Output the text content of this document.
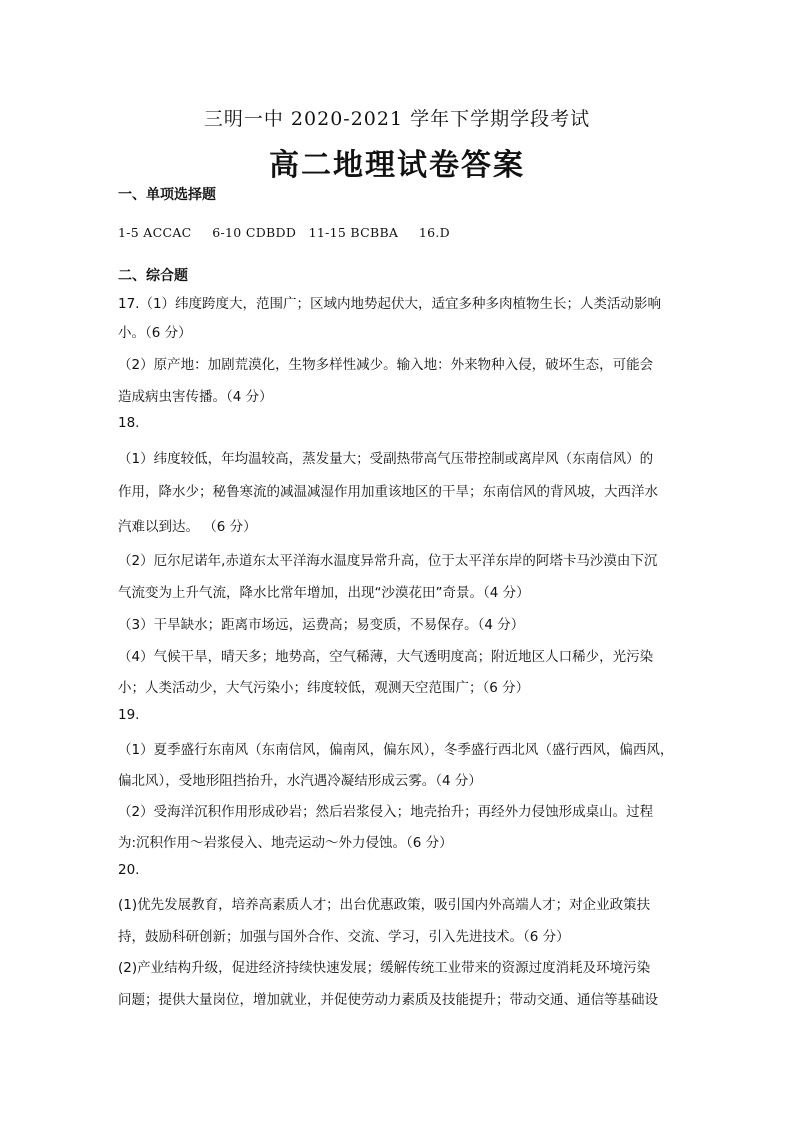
三明一中 2020-2021 学年下学期学段考试
高二地理试卷答案
一、单项选择题
1-5 ACCAC 6-10 CDBDD 11-15 BCBBA 16.D
二、综合题
17.（1）纬度跨度大，范围广；区域内地势起伏大，适宜多种多肉植物生长；人类活动影响
小。（6 分）
（2）原产地：加剧荒漠化，生物多样性减少。输入地：外来物种入侵，破坏生态，可能会
造成病虫害传播。（4 分）
18.
（1）纬度较低，年均温较高，蒸发量大；受副热带高气压带控制或离岸风（东南信风）的
作用，降水少；秘鲁寒流的减温减湿作用加重该地区的干旱；东南信风的背风坡，大西洋水
汽难以到达。 （6 分）
（2）厄尔尼诺年,赤道东太平洋海水温度异常升高，位于太平洋东岸的阿塔卡马沙漠由下沉
气流变为上升气流，降水比常年增加，出现“沙漠花田”奇景。（4 分）
（3）干旱缺水；距离市场远，运费高；易变质，不易保存。（4 分）
（4）气候干旱，晴天多；地势高，空气稀薄，大气透明度高；附近地区人口稀少，光污染
小；人类活动少，大气污染小；纬度较低，观测天空范围广；（6 分）
19.
（1）夏季盛行东南风（东南信风，偏南风，偏东风），冬季盛行西北风（盛行西风，偏西风，
偏北风），受地形阻挡抬升，水汽遇冷凝结形成云雾。（4 分）
（2）受海洋沉积作用形成砂岩；然后岩浆侵入；地壳抬升；再经外力侵蚀形成桌山。过程
为:沉积作用～岩浆侵入、地壳运动～外力侵蚀。（6 分）
20.
(1)优先发展教育，培养高素质人才；出台优惠政策，吸引国内外高端人才；对企业政策扶
持，鼓励科研创新；加强与国外合作、交流、学习，引入先进技术。（6 分）
(2)产业结构升级，促进经济持续快速发展；缓解传统工业带来的资源过度消耗及环境污染
问题；提供大量岗位，增加就业，并促使劳动力素质及技能提升；带动交通、通信等基础设
